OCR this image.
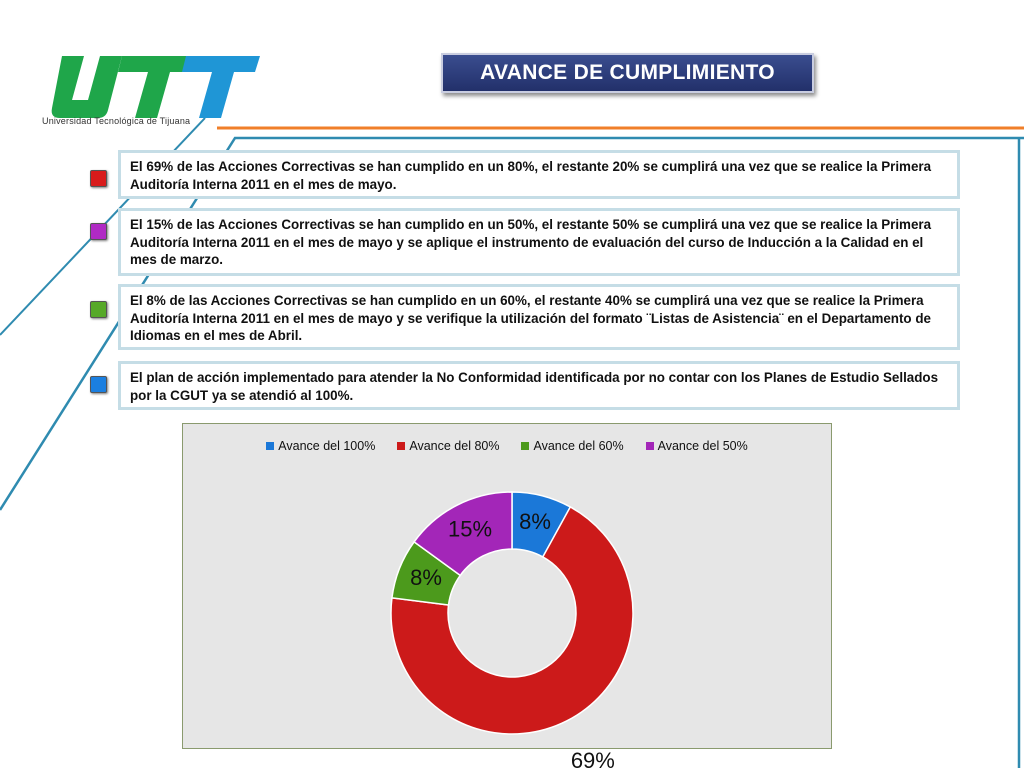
Universidad Tecnológica de Tijuana
AVANCE DE CUMPLIMIENTO
El 69% de las Acciones Correctivas se han cumplido en un 80%, el restante 20% se cumplirá una vez que se realice la Primera Auditoría Interna 2011 en el mes de mayo.
El 15% de las Acciones Correctivas se han cumplido en un 50%, el restante 50% se cumplirá una vez que se realice la Primera Auditoría Interna 2011 en el mes de mayo y se aplique el instrumento de evaluación del curso de Inducción a la Calidad en el mes de marzo.
El 8% de las Acciones Correctivas se han cumplido en un 60%, el restante 40% se cumplirá una vez que se realice la Primera Auditoría Interna 2011 en el mes de mayo y se verifique la utilización del formato ¨Listas de Asistencia¨ en el Departamento de Idiomas en el mes de Abril.
El plan de acción implementado para atender la No Conformidad identificada por no contar con los Planes de Estudio Sellados por la CGUT ya se atendió al 100%.
Avance del 100%	Avance del 80%	Avance del 60%	Avance del 50%
8%
69%
8%
15%
